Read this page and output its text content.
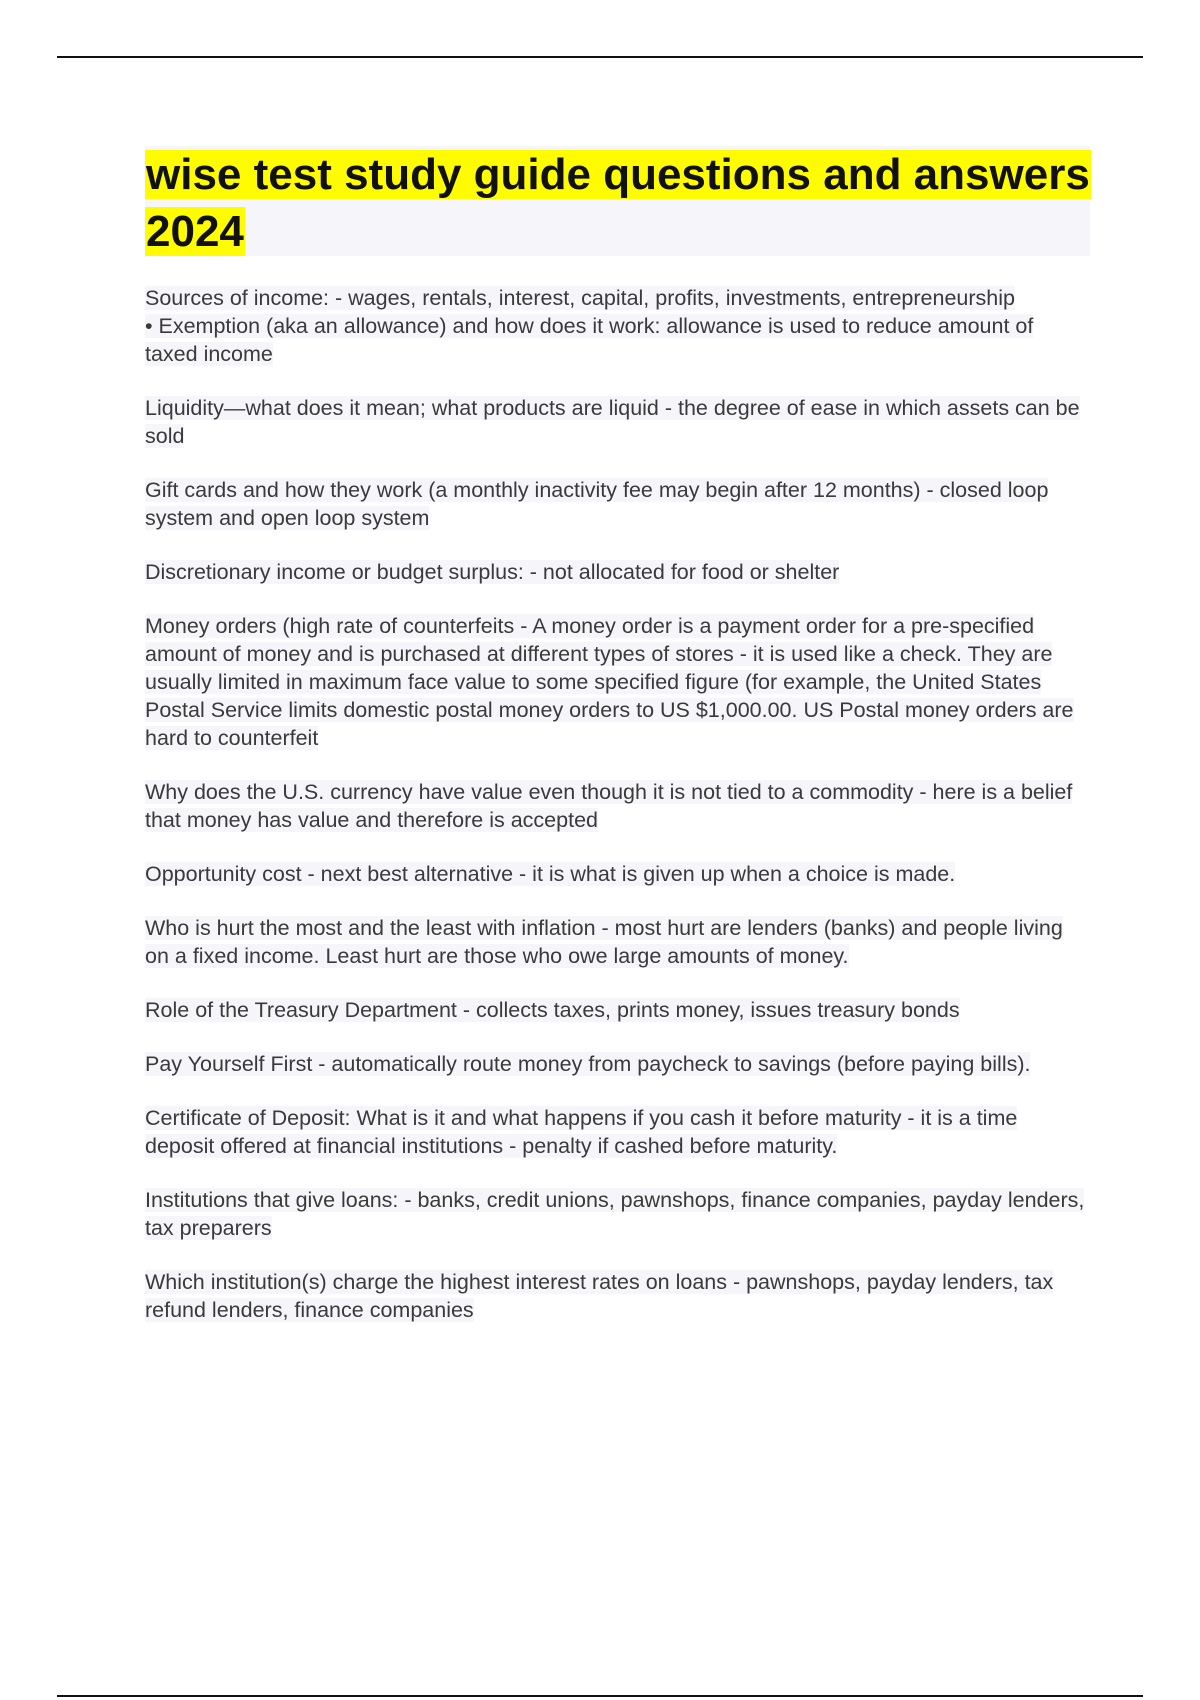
wise test study guide questions and answers 2024

Sources of income: - wages, rentals, interest, capital, profits, investments, entrepreneurship
• Exemption (aka an allowance) and how does it work: allowance is used to reduce amount of taxed income

Liquidity—what does it mean; what products are liquid - the degree of ease in which assets can be sold

Gift cards and how they work (a monthly inactivity fee may begin after 12 months) - closed loop system and open loop system

Discretionary income or budget surplus: - not allocated for food or shelter

Money orders (high rate of counterfeits - A money order is a payment order for a pre-specified amount of money and is purchased at different types of stores - it is used like a check. They are usually limited in maximum face value to some specified figure (for example, the United States Postal Service limits domestic postal money orders to US $1,000.00. US Postal money orders are hard to counterfeit

Why does the U.S. currency have value even though it is not tied to a commodity - here is a belief that money has value and therefore is accepted

Opportunity cost - next best alternative - it is what is given up when a choice is made.

Who is hurt the most and the least with inflation - most hurt are lenders (banks) and people living on a fixed income. Least hurt are those who owe large amounts of money.

Role of the Treasury Department - collects taxes, prints money, issues treasury bonds

Pay Yourself First - automatically route money from paycheck to savings (before paying bills).

Certificate of Deposit: What is it and what happens if you cash it before maturity - it is a time deposit offered at financial institutions - penalty if cashed before maturity.

Institutions that give loans: - banks, credit unions, pawnshops, finance companies, payday lenders, tax preparers

Which institution(s) charge the highest interest rates on loans - pawnshops, payday lenders, tax refund lenders, finance companies
